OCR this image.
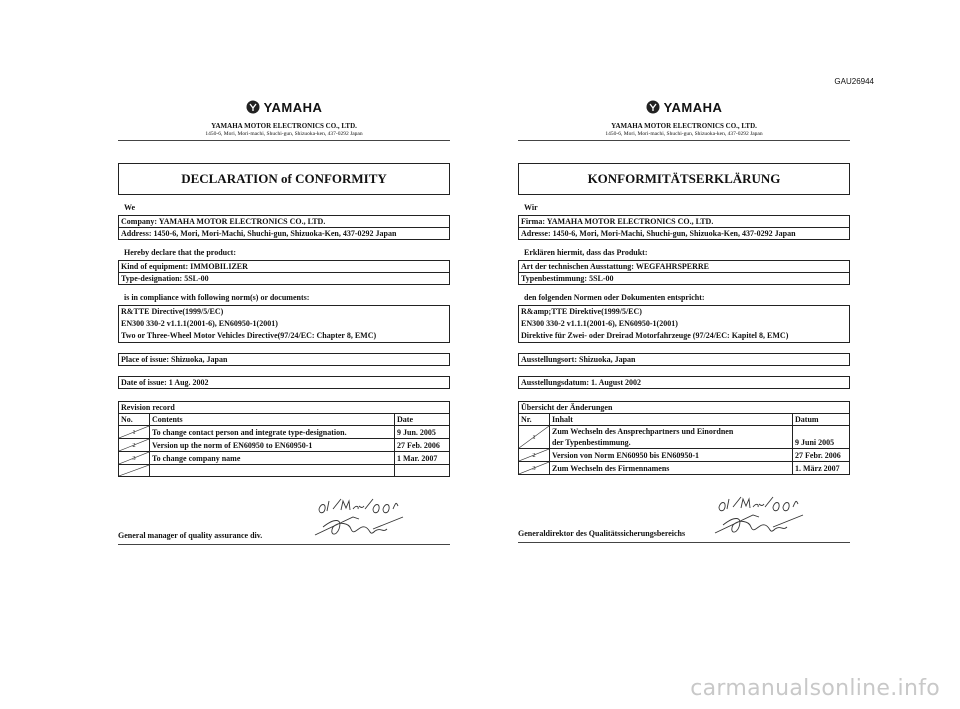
GAU26944
YAMAHA
YAMAHA MOTOR ELECTRONICS CO., LTD.
1450-6, Mori, Mori-machi, Shuchi-gun, Shizuoka-ken, 437-0292 Japan
DECLARATION of CONFORMITY
We
Company: YAMAHA MOTOR ELECTRONICS CO., LTD.
Address: 1450-6, Mori, Mori-Machi, Shuchi-gun, Shizuoka-Ken, 437-0292 Japan
Hereby declare that the product:
Kind of equipment: IMMOBILIZER
Type-designation: 5SL-00
is in compliance with following norm(s) or documents:
R&TTE Directive(1999/5/EC)
EN300 330-2 v1.1.1(2001-6), EN60950-1(2001)
Two or Three-Wheel Motor Vehicles Directive(97/24/EC: Chapter 8, EMC)
Place of issue: Shizuoka, Japan
Date of issue: 1 Aug. 2002
Revision record		
No.	Contents	Date

1	To change contact person and integrate type-designation.	9 Jun. 2005

2	Version up the norm of EN60950 to EN60950-1	27 Feb. 2006

3	To change company name	1 Mar. 2007

General manager of quality assurance div.
YAMAHA
YAMAHA MOTOR ELECTRONICS CO., LTD.
1450-6, Mori, Mori-machi, Shuchi-gun, Shizuoka-ken, 437-0292 Japan
KONFORMITÄTSERKLÄRUNG
Wir
Firma: YAMAHA MOTOR ELECTRONICS CO., LTD.
Adresse: 1450-6, Mori, Mori-Machi, Shuchi-gun, Shizuoka-Ken, 437-0292 Japan
Erklären hiermit, dass das Produkt:
Art der technischen Ausstattung: WEGFAHRSPERRE
Typenbestimmung: 5SL-00
den folgenden Normen oder Dokumenten entspricht:
R&amp;TTE Direktive(1999/5/EC)
EN300 330-2 v1.1.1(2001-6), EN60950-1(2001)
Direktive für Zwei- oder Dreirad Motorfahrzeuge (97/24/EC: Kapitel 8, EMC)
Ausstellungsort: Shizuoka, Japan
Ausstellungsdatum: 1. August 2002
Übersicht der Änderungen		
Nr.	Inhalt	Datum

1	Zum Wechseln des Ansprechpartners und Einordnen
der Typenbestimmung.	9 Juni 2005

2	Version von Norm EN60950 bis EN60950-1	27 Febr. 2006

3	Zum Wechseln des Firmennamens	1. März 2007
Generaldirektor des Qualitätssicherungsbereichs
carmanualsonline.info
